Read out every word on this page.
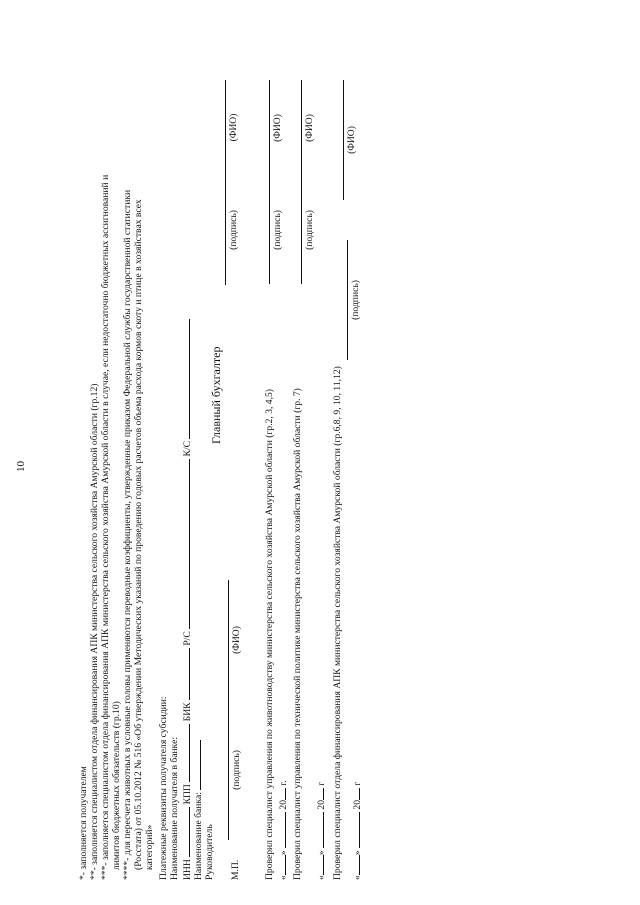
10
*- заполняется получателем **- заполняется специалистом отдела финансирования АПК министерства сельского хозяйства Амурской области (гр.12) ***- заполняется специалистом отдела финансирования АПК министерства сельского хозяйства Амурской области в случае, если недостаточно бюджетных ассигнований и лимитов бюджетных обязательств (гр.10) ****- для пересчета животных в условные головы применяются переводные коэффициенты, утвержденные приказом Федеральной службы государственной статистики (Росстата) от 05.10.2012 № 516 «Об утверждении Методических указаний по проведению годовых расчетов объема расхода кормов скоту и птице в хозяйствах всех категорий» Платежные реквизиты получателя субсидии: Наименование получателя в банке: ИНН  КПП  БИК  Р/С  К/С
Наименование банка: Руководитель
Главный бухгалтер
М.П.
(подпись)
(ФИО)
(подпись)
(ФИО)
Проверил специалист управления по животноводству министерства сельского хозяйства Амурской области (гр.2, 3, 4,5) «»  20 г.
(подпись)
(ФИО)
Проверил специалист управления по технической политике министерства сельского хозяйства Амурской области (гр. 7)
(подпись)
(ФИО)
«»  20 г Проверил специалист отдела финансирования АПК министерства сельского хозяйства Амурской области (гр.6,8, 9, 10, 11,12) «»  20 г
(подпись)
(ФИО)
